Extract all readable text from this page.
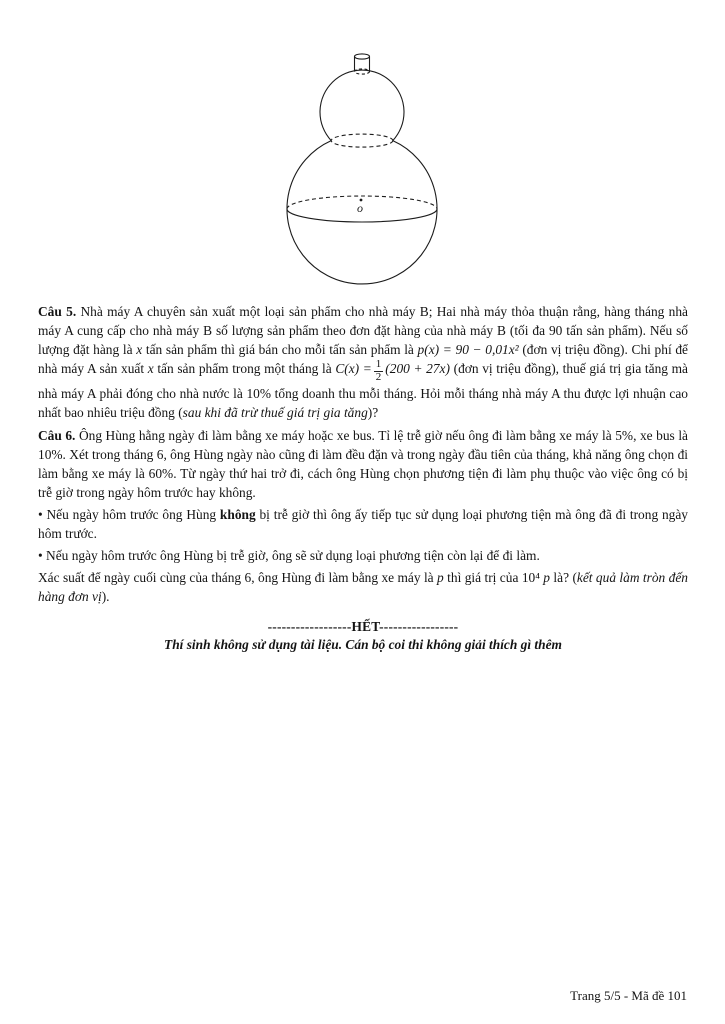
o

Câu 5. Nhà máy A chuyên sản xuất một loại sản phẩm cho nhà máy B; Hai nhà máy thỏa thuận rằng, hàng tháng nhà máy A cung cấp cho nhà máy B số lượng sản phẩm theo đơn đặt hàng của nhà máy B (tối đa 90 tấn sản phẩm). Nếu số lượng đặt hàng là x tấn sản phẩm thì giá bán cho mỗi tấn sản phẩm là p(x) = 90 − 0,01x² (đơn vị triệu đồng). Chi phí để nhà máy A sản xuất x tấn sản phẩm trong một tháng là $C(x) = \frac{1}{2} (200 + 27x)$ (đơn vị triệu đồng), thuế giá trị gia tăng mà nhà máy A phải đóng cho nhà nước là 10% tổng doanh thu mỗi tháng. Hỏi mỗi tháng nhà máy A thu được lợi nhuận cao nhất bao nhiêu triệu đồng (sau khi đã trừ thuế giá trị gia tăng)?

Câu 6. Ông Hùng hằng ngày đi làm bằng xe máy hoặc xe bus. Tỉ lệ trễ giờ nếu ông đi làm bằng xe máy là 5%, xe bus là 10%. Xét trong tháng 6, ông Hùng ngày nào cũng đi làm đều đặn và trong ngày đầu tiên của tháng, khả năng ông chọn đi làm bằng xe máy là 60%. Từ ngày thứ hai trở đi, cách ông Hùng chọn phương tiện đi làm phụ thuộc vào việc ông có bị trễ giờ trong ngày hôm trước hay không.

• Nếu ngày hôm trước ông Hùng không bị trễ giờ thì ông ấy tiếp tục sử dụng loại phương tiện mà ông đã đi trong ngày hôm trước.

• Nếu ngày hôm trước ông Hùng bị trễ giờ, ông sẽ sử dụng loại phương tiện còn lại để đi làm.

Xác suất để ngày cuối cùng của tháng 6, ông Hùng đi làm bằng xe máy là p thì giá trị của 10⁴ p là? (kết quả làm tròn đến hàng đơn vị).

------------------HẾT-----------------

Thí sinh không sử dụng tài liệu. Cán bộ coi thi không giải thích gì thêm

Trang 5/5 - Mã đề 101
